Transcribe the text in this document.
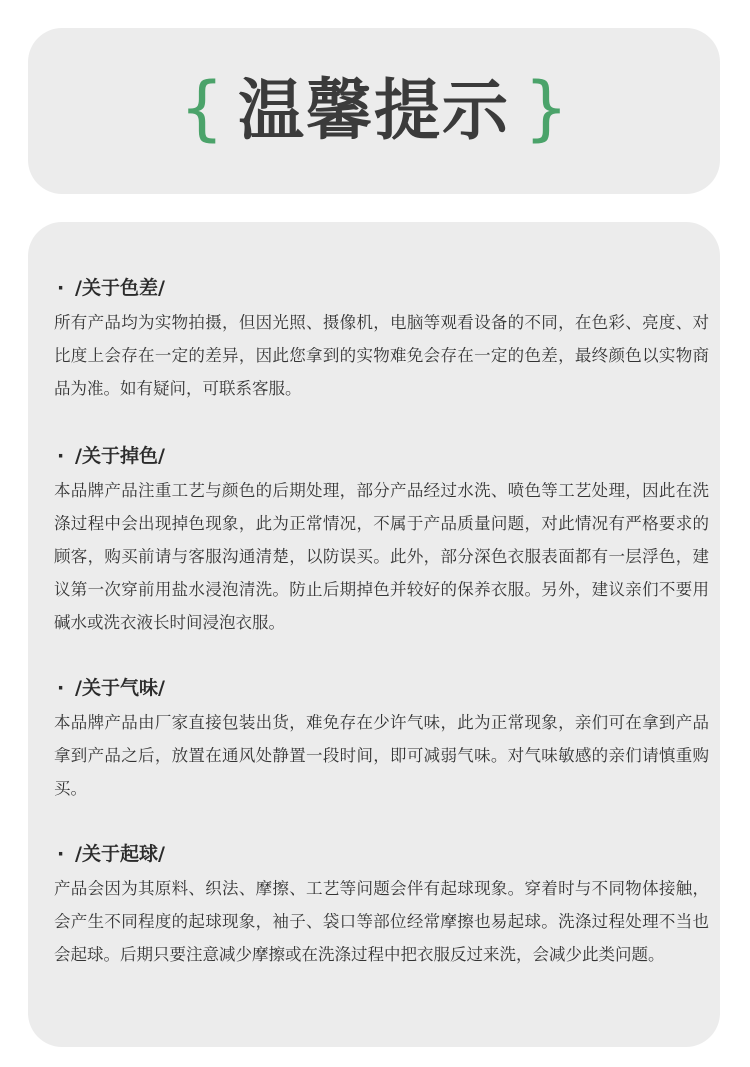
{ 温馨提示 }
· /关于色差/
所有产品均为实物拍摄，但因光照、摄像机，电脑等观看设备的不同，在色彩、亮度、对比度上会存在一定的差异，因此您拿到的实物难免会存在一定的色差，最终颜色以实物商品为准。如有疑问，可联系客服。
· /关于掉色/
本品牌产品注重工艺与颜色的后期处理，部分产品经过水洗、喷色等工艺处理，因此在洗涤过程中会出现掉色现象，此为正常情况，不属于产品质量问题，对此情况有严格要求的顾客，购买前请与客服沟通清楚，以防误买。此外，部分深色衣服表面都有一层浮色，建议第一次穿前用盐水浸泡清洗。防止后期掉色并较好的保养衣服。另外，建议亲们不要用碱水或洗衣液长时间浸泡衣服。
· /关于气味/
本品牌产品由厂家直接包装出货，难免存在少许气味，此为正常现象，亲们可在拿到产品拿到产品之后，放置在通风处静置一段时间，即可减弱气味。对气味敏感的亲们请慎重购买。
· /关于起球/
产品会因为其原料、织法、摩擦、工艺等问题会伴有起球现象。穿着时与不同物体接触，会产生不同程度的起球现象，袖子、袋口等部位经常摩擦也易起球。洗涤过程处理不当也会起球。后期只要注意减少摩擦或在洗涤过程中把衣服反过来洗，会减少此类问题。
